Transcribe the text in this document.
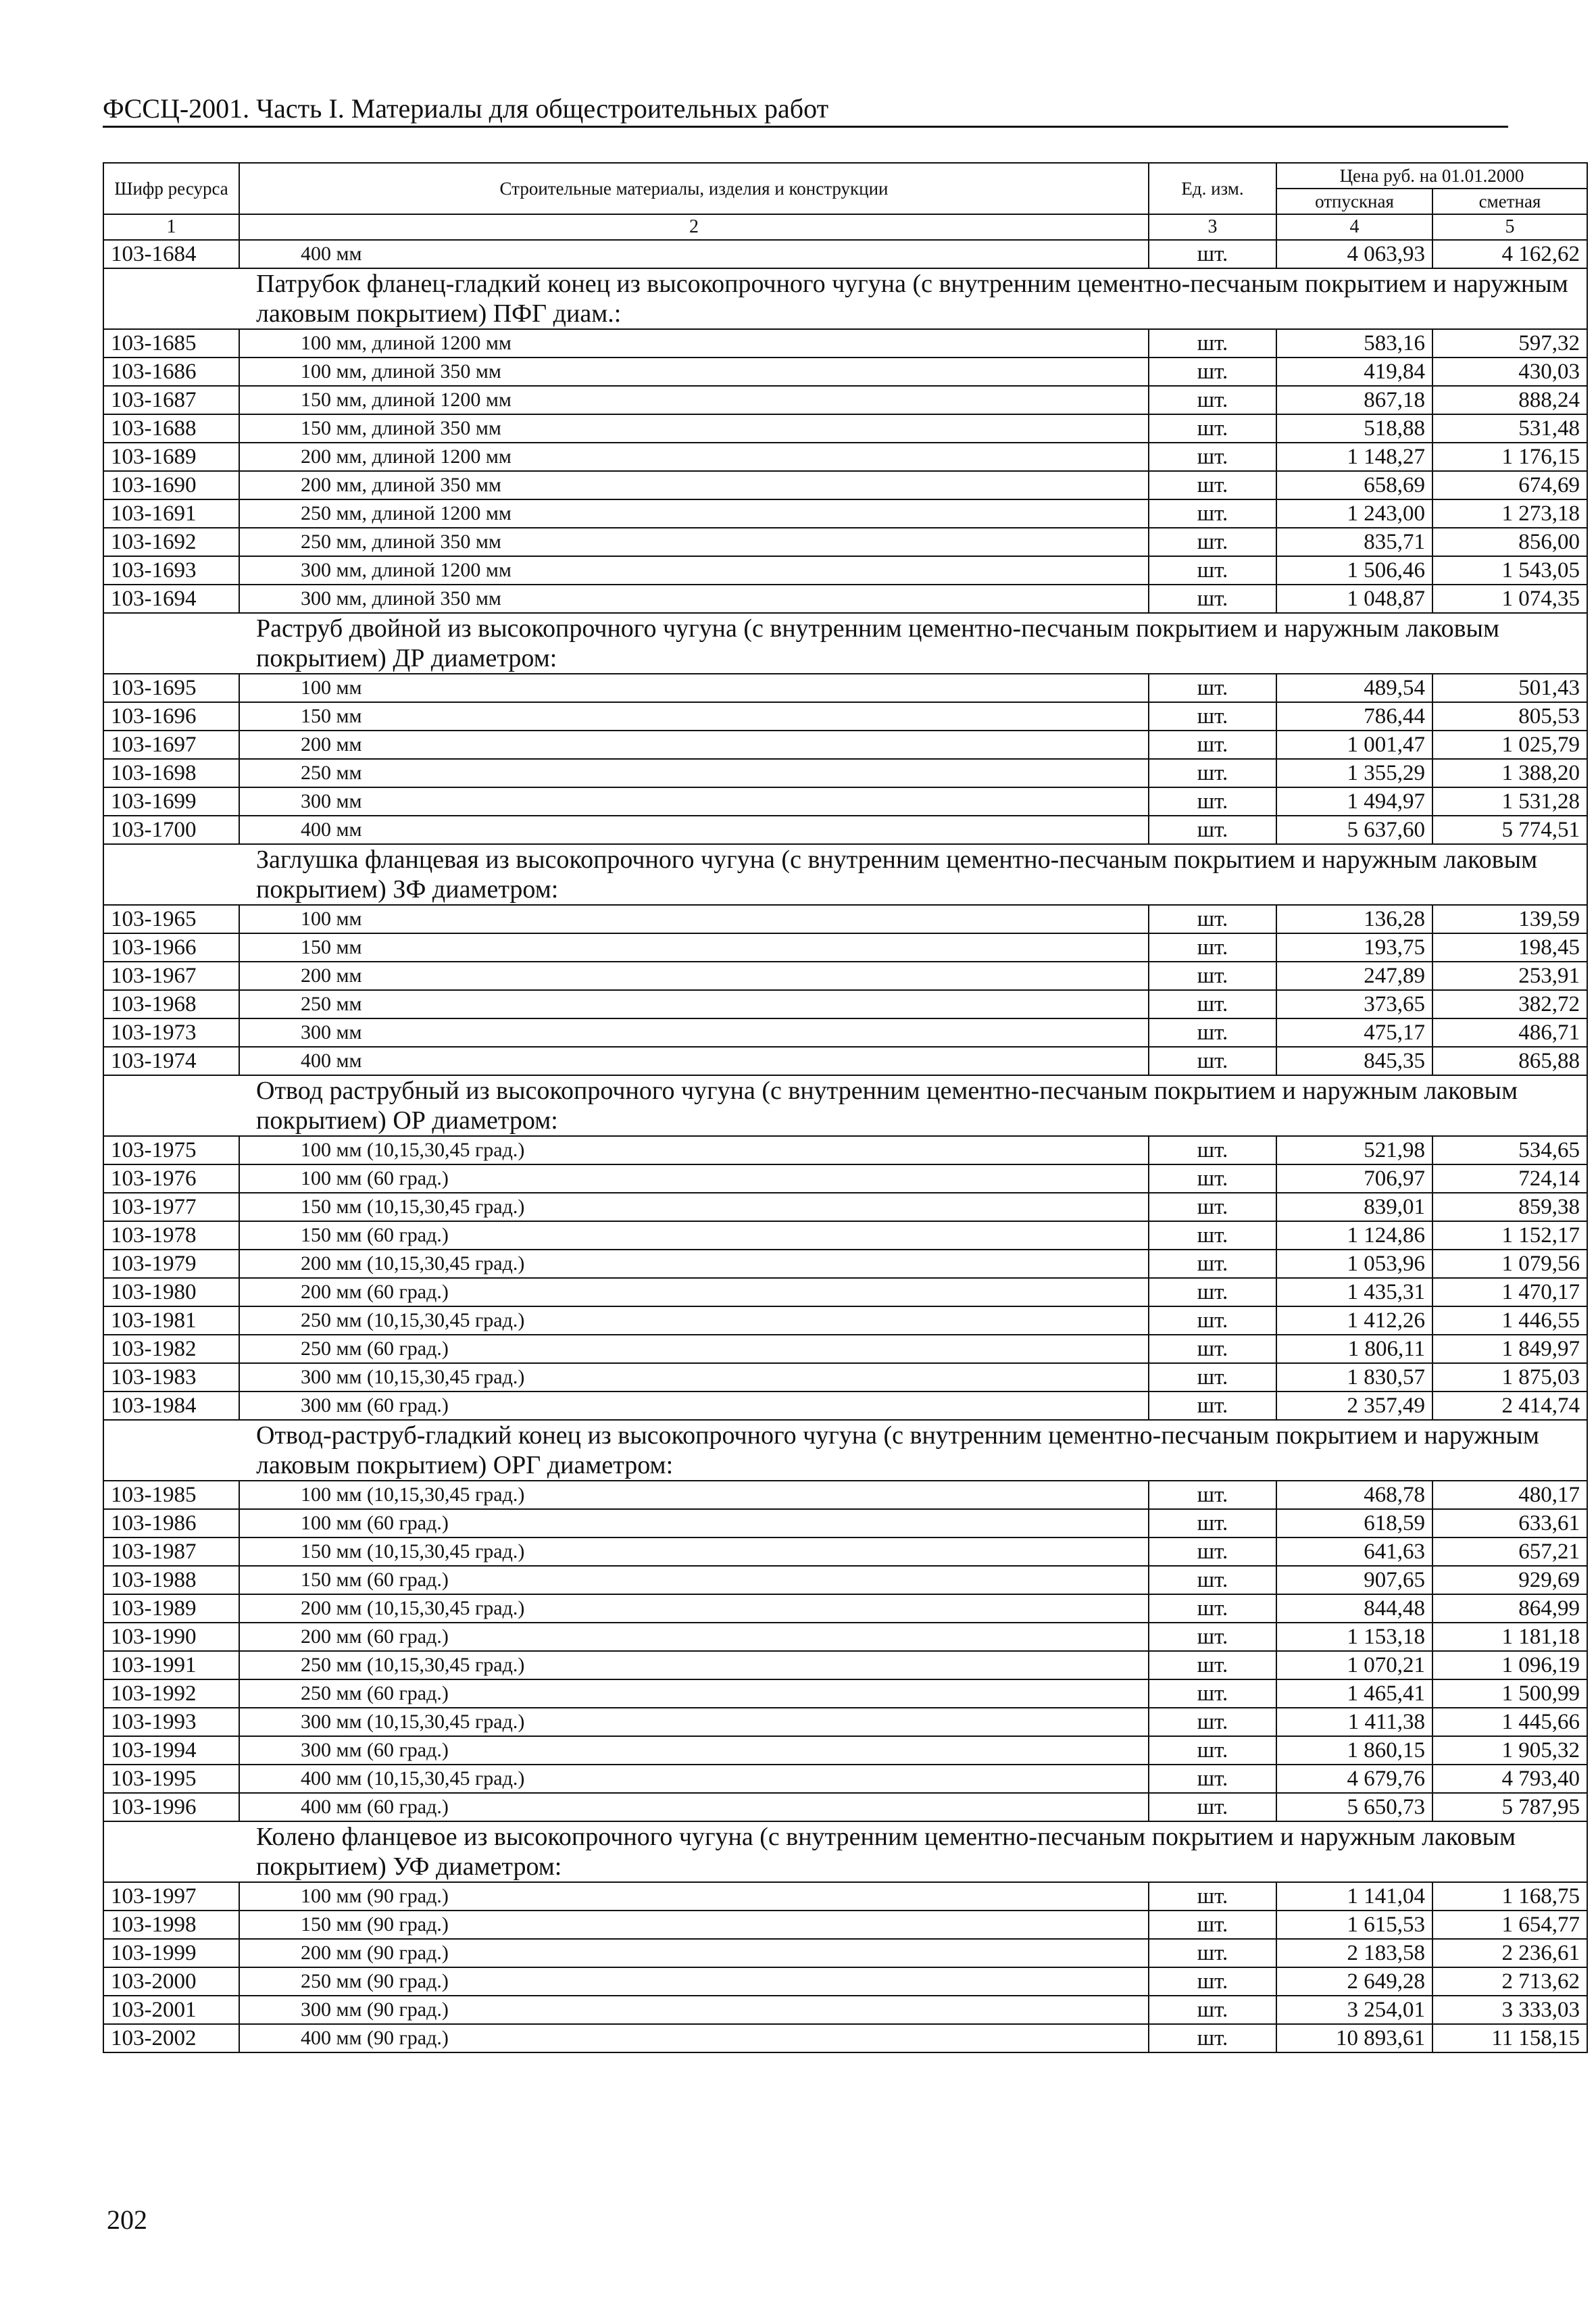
ФССЦ-2001. Часть I. Материалы для общестроительных работ
Шифр ресурса	Строительные материалы, изделия и конструкции	Ед. изм.	Цена руб. на 01.01.2000	
			отпускная	сметная
1	2	3	4	5
103-1684	400 мм	шт.	4 063,93	4 162,62
Патрубок фланец-гладкий конец из высокопрочного чугуна (с внутренним цементно-песчаным покрытием и наружным лаковым покрытием) ПФГ диам.:				
103-1685	100 мм, длиной 1200 мм	шт.	583,16	597,32
103-1686	100 мм, длиной 350 мм	шт.	419,84	430,03
103-1687	150 мм, длиной 1200 мм	шт.	867,18	888,24
103-1688	150 мм, длиной 350 мм	шт.	518,88	531,48
103-1689	200 мм, длиной 1200 мм	шт.	1 148,27	1 176,15
103-1690	200 мм, длиной 350 мм	шт.	658,69	674,69
103-1691	250 мм, длиной 1200 мм	шт.	1 243,00	1 273,18
103-1692	250 мм, длиной 350 мм	шт.	835,71	856,00
103-1693	300 мм, длиной 1200 мм	шт.	1 506,46	1 543,05
103-1694	300 мм, длиной 350 мм	шт.	1 048,87	1 074,35
Раструб двойной из высокопрочного чугуна (с внутренним цементно-песчаным покрытием и наружным лаковым покрытием) ДР диаметром:				
103-1695	100 мм	шт.	489,54	501,43
103-1696	150 мм	шт.	786,44	805,53
103-1697	200 мм	шт.	1 001,47	1 025,79
103-1698	250 мм	шт.	1 355,29	1 388,20
103-1699	300 мм	шт.	1 494,97	1 531,28
103-1700	400 мм	шт.	5 637,60	5 774,51
Заглушка фланцевая из высокопрочного чугуна (с внутренним цементно-песчаным покрытием и наружным лаковым покрытием) ЗФ диаметром:				
103-1965	100 мм	шт.	136,28	139,59
103-1966	150 мм	шт.	193,75	198,45
103-1967	200 мм	шт.	247,89	253,91
103-1968	250 мм	шт.	373,65	382,72
103-1973	300 мм	шт.	475,17	486,71
103-1974	400 мм	шт.	845,35	865,88
Отвод раструбный из высокопрочного чугуна (с внутренним цементно-песчаным покрытием и наружным лаковым покрытием) ОР диаметром:				
103-1975	100 мм (10,15,30,45 град.)	шт.	521,98	534,65
103-1976	100 мм (60 град.)	шт.	706,97	724,14
103-1977	150 мм (10,15,30,45 град.)	шт.	839,01	859,38
103-1978	150 мм (60 град.)	шт.	1 124,86	1 152,17
103-1979	200 мм (10,15,30,45 град.)	шт.	1 053,96	1 079,56
103-1980	200 мм (60 град.)	шт.	1 435,31	1 470,17
103-1981	250 мм (10,15,30,45 град.)	шт.	1 412,26	1 446,55
103-1982	250 мм (60 град.)	шт.	1 806,11	1 849,97
103-1983	300 мм (10,15,30,45 град.)	шт.	1 830,57	1 875,03
103-1984	300 мм (60 град.)	шт.	2 357,49	2 414,74
Отвод-раструб-гладкий конец из высокопрочного чугуна (с внутренним цементно-песчаным покрытием и наружным лаковым покрытием) ОРГ диаметром:				
103-1985	100 мм (10,15,30,45 град.)	шт.	468,78	480,17
103-1986	100 мм (60 град.)	шт.	618,59	633,61
103-1987	150 мм (10,15,30,45 град.)	шт.	641,63	657,21
103-1988	150 мм (60 град.)	шт.	907,65	929,69
103-1989	200 мм (10,15,30,45 град.)	шт.	844,48	864,99
103-1990	200 мм (60 град.)	шт.	1 153,18	1 181,18
103-1991	250 мм (10,15,30,45 град.)	шт.	1 070,21	1 096,19
103-1992	250 мм (60 град.)	шт.	1 465,41	1 500,99
103-1993	300 мм (10,15,30,45 град.)	шт.	1 411,38	1 445,66
103-1994	300 мм (60 град.)	шт.	1 860,15	1 905,32
103-1995	400 мм (10,15,30,45 град.)	шт.	4 679,76	4 793,40
103-1996	400 мм (60 град.)	шт.	5 650,73	5 787,95
Колено фланцевое из высокопрочного чугуна (с внутренним цементно-песчаным покрытием и наружным лаковым покрытием) УФ диаметром:				
103-1997	100 мм (90 град.)	шт.	1 141,04	1 168,75
103-1998	150 мм (90 град.)	шт.	1 615,53	1 654,77
103-1999	200 мм (90 град.)	шт.	2 183,58	2 236,61
103-2000	250 мм (90 град.)	шт.	2 649,28	2 713,62
103-2001	300 мм (90 град.)	шт.	3 254,01	3 333,03
103-2002	400 мм (90 град.)	шт.	10 893,61	11 158,15
202
